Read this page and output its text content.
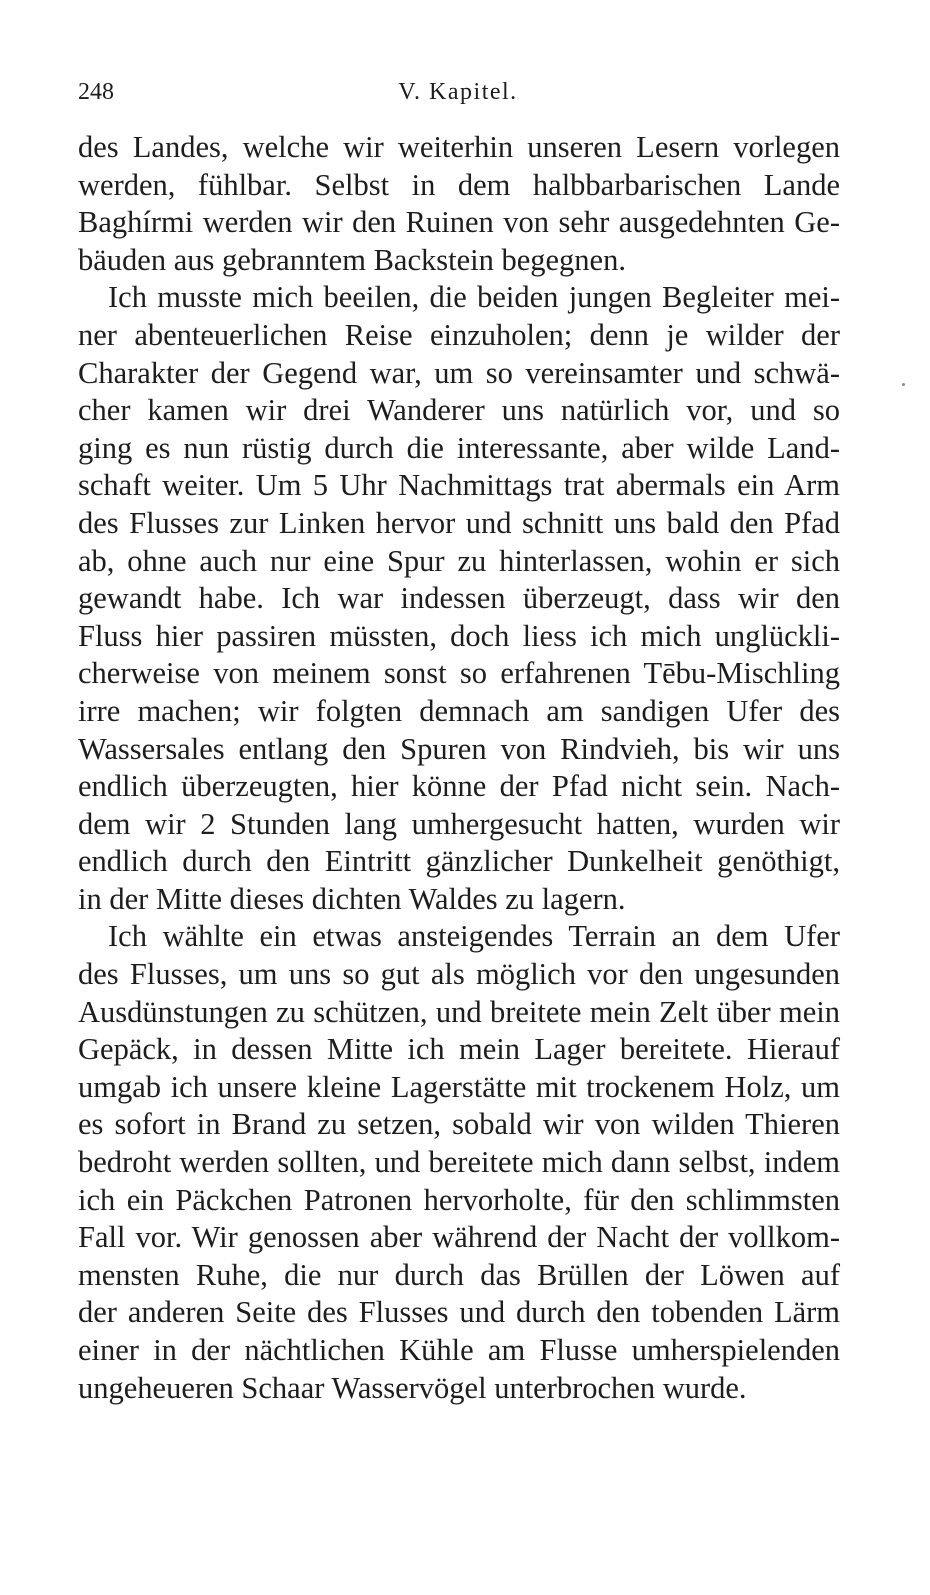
248	V. Kapitel.

des Landes, welche wir weiterhin unseren Lesern vorlegen
werden, fühlbar. Selbst in dem halbbarbarischen Lande
Baghírmi werden wir den Ruinen von sehr ausgedehnten Ge-
bäuden aus gebranntem Backstein begegnen.

Ich musste mich beeilen, die beiden jungen Begleiter mei-
ner abenteuerlichen Reise einzuholen; denn je wilder der
Charakter der Gegend war, um so vereinsamter und schwä-
cher kamen wir drei Wanderer uns natürlich vor, und so
ging es nun rüstig durch die interessante, aber wilde Land-
schaft weiter. Um 5 Uhr Nachmittags trat abermals ein Arm
des Flusses zur Linken hervor und schnitt uns bald den Pfad
ab, ohne auch nur eine Spur zu hinterlassen, wohin er sich
gewandt habe. Ich war indessen überzeugt, dass wir den
Fluss hier passiren müssten, doch liess ich mich unglückli-
cherweise von meinem sonst so erfahrenen Tēbu-Mischling
irre machen; wir folgten demnach am sandigen Ufer des
Wassersales entlang den Spuren von Rindvieh, bis wir uns
endlich überzeugten, hier könne der Pfad nicht sein. Nach-
dem wir 2 Stunden lang umhergesucht hatten, wurden wir
endlich durch den Eintritt gänzlicher Dunkelheit genöthigt,
in der Mitte dieses dichten Waldes zu lagern.

Ich wählte ein etwas ansteigendes Terrain an dem Ufer
des Flusses, um uns so gut als möglich vor den ungesunden
Ausdünstungen zu schützen, und breitete mein Zelt über mein
Gepäck, in dessen Mitte ich mein Lager bereitete. Hierauf
umgab ich unsere kleine Lagerstätte mit trockenem Holz, um
es sofort in Brand zu setzen, sobald wir von wilden Thieren
bedroht werden sollten, und bereitete mich dann selbst, indem
ich ein Päckchen Patronen hervorholte, für den schlimmsten
Fall vor. Wir genossen aber während der Nacht der vollkom-
mensten Ruhe, die nur durch das Brüllen der Löwen auf
der anderen Seite des Flusses und durch den tobenden Lärm
einer in der nächtlichen Kühle am Flusse umherspielenden
ungeheueren Schaar Wasservögel unterbrochen wurde.
